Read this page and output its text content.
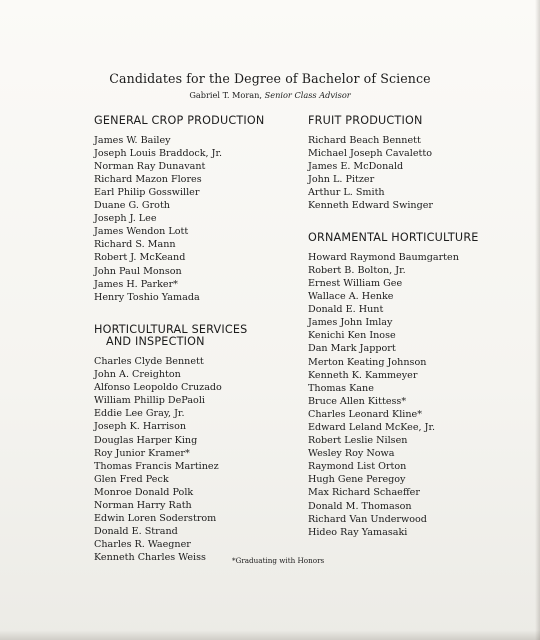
Candidates for the Degree of Bachelor of Science
Gabriel T. Moran, Senior Class Advisor
GENERAL CROP PRODUCTION
James W. Bailey
Joseph Louis Braddock, Jr.
Norman Ray Dunavant
Richard Mazon Flores
Earl Philip Gosswiller
Duane G. Groth
Joseph J. Lee
James Wendon Lott
Richard S. Mann
Robert J. McKeand
John Paul Monson
James H. Parker*
Henry Toshio Yamada
HORTICULTURAL SERVICES
AND INSPECTION
Charles Clyde Bennett
John A. Creighton
Alfonso Leopoldo Cruzado
William Phillip DePaoli
Eddie Lee Gray, Jr.
Joseph K. Harrison
Douglas Harper King
Roy Junior Kramer*
Thomas Francis Martinez
Glen Fred Peck
Monroe Donald Polk
Norman Harry Rath
Edwin Loren Soderstrom
Donald E. Strand
Charles R. Waegner
Kenneth Charles Weiss
FRUIT PRODUCTION
Richard Beach Bennett
Michael Joseph Cavaletto
James E. McDonald
John L. Pitzer
Arthur L. Smith
Kenneth Edward Swinger
ORNAMENTAL HORTICULTURE
Howard Raymond Baumgarten
Robert B. Bolton, Jr.
Ernest William Gee
Wallace A. Henke
Donald E. Hunt
James John Imlay
Kenichi Ken Inose
Dan Mark Japport
Merton Keating Johnson
Kenneth K. Kammeyer
Thomas Kane
Bruce Allen Kittess*
Charles Leonard Kline*
Edward Leland McKee, Jr.
Robert Leslie Nilsen
Wesley Roy Nowa
Raymond List Orton
Hugh Gene Peregoy
Max Richard Schaeffer
Donald M. Thomason
Richard Van Underwood
Hideo Ray Yamasaki
*Graduating with Honors
